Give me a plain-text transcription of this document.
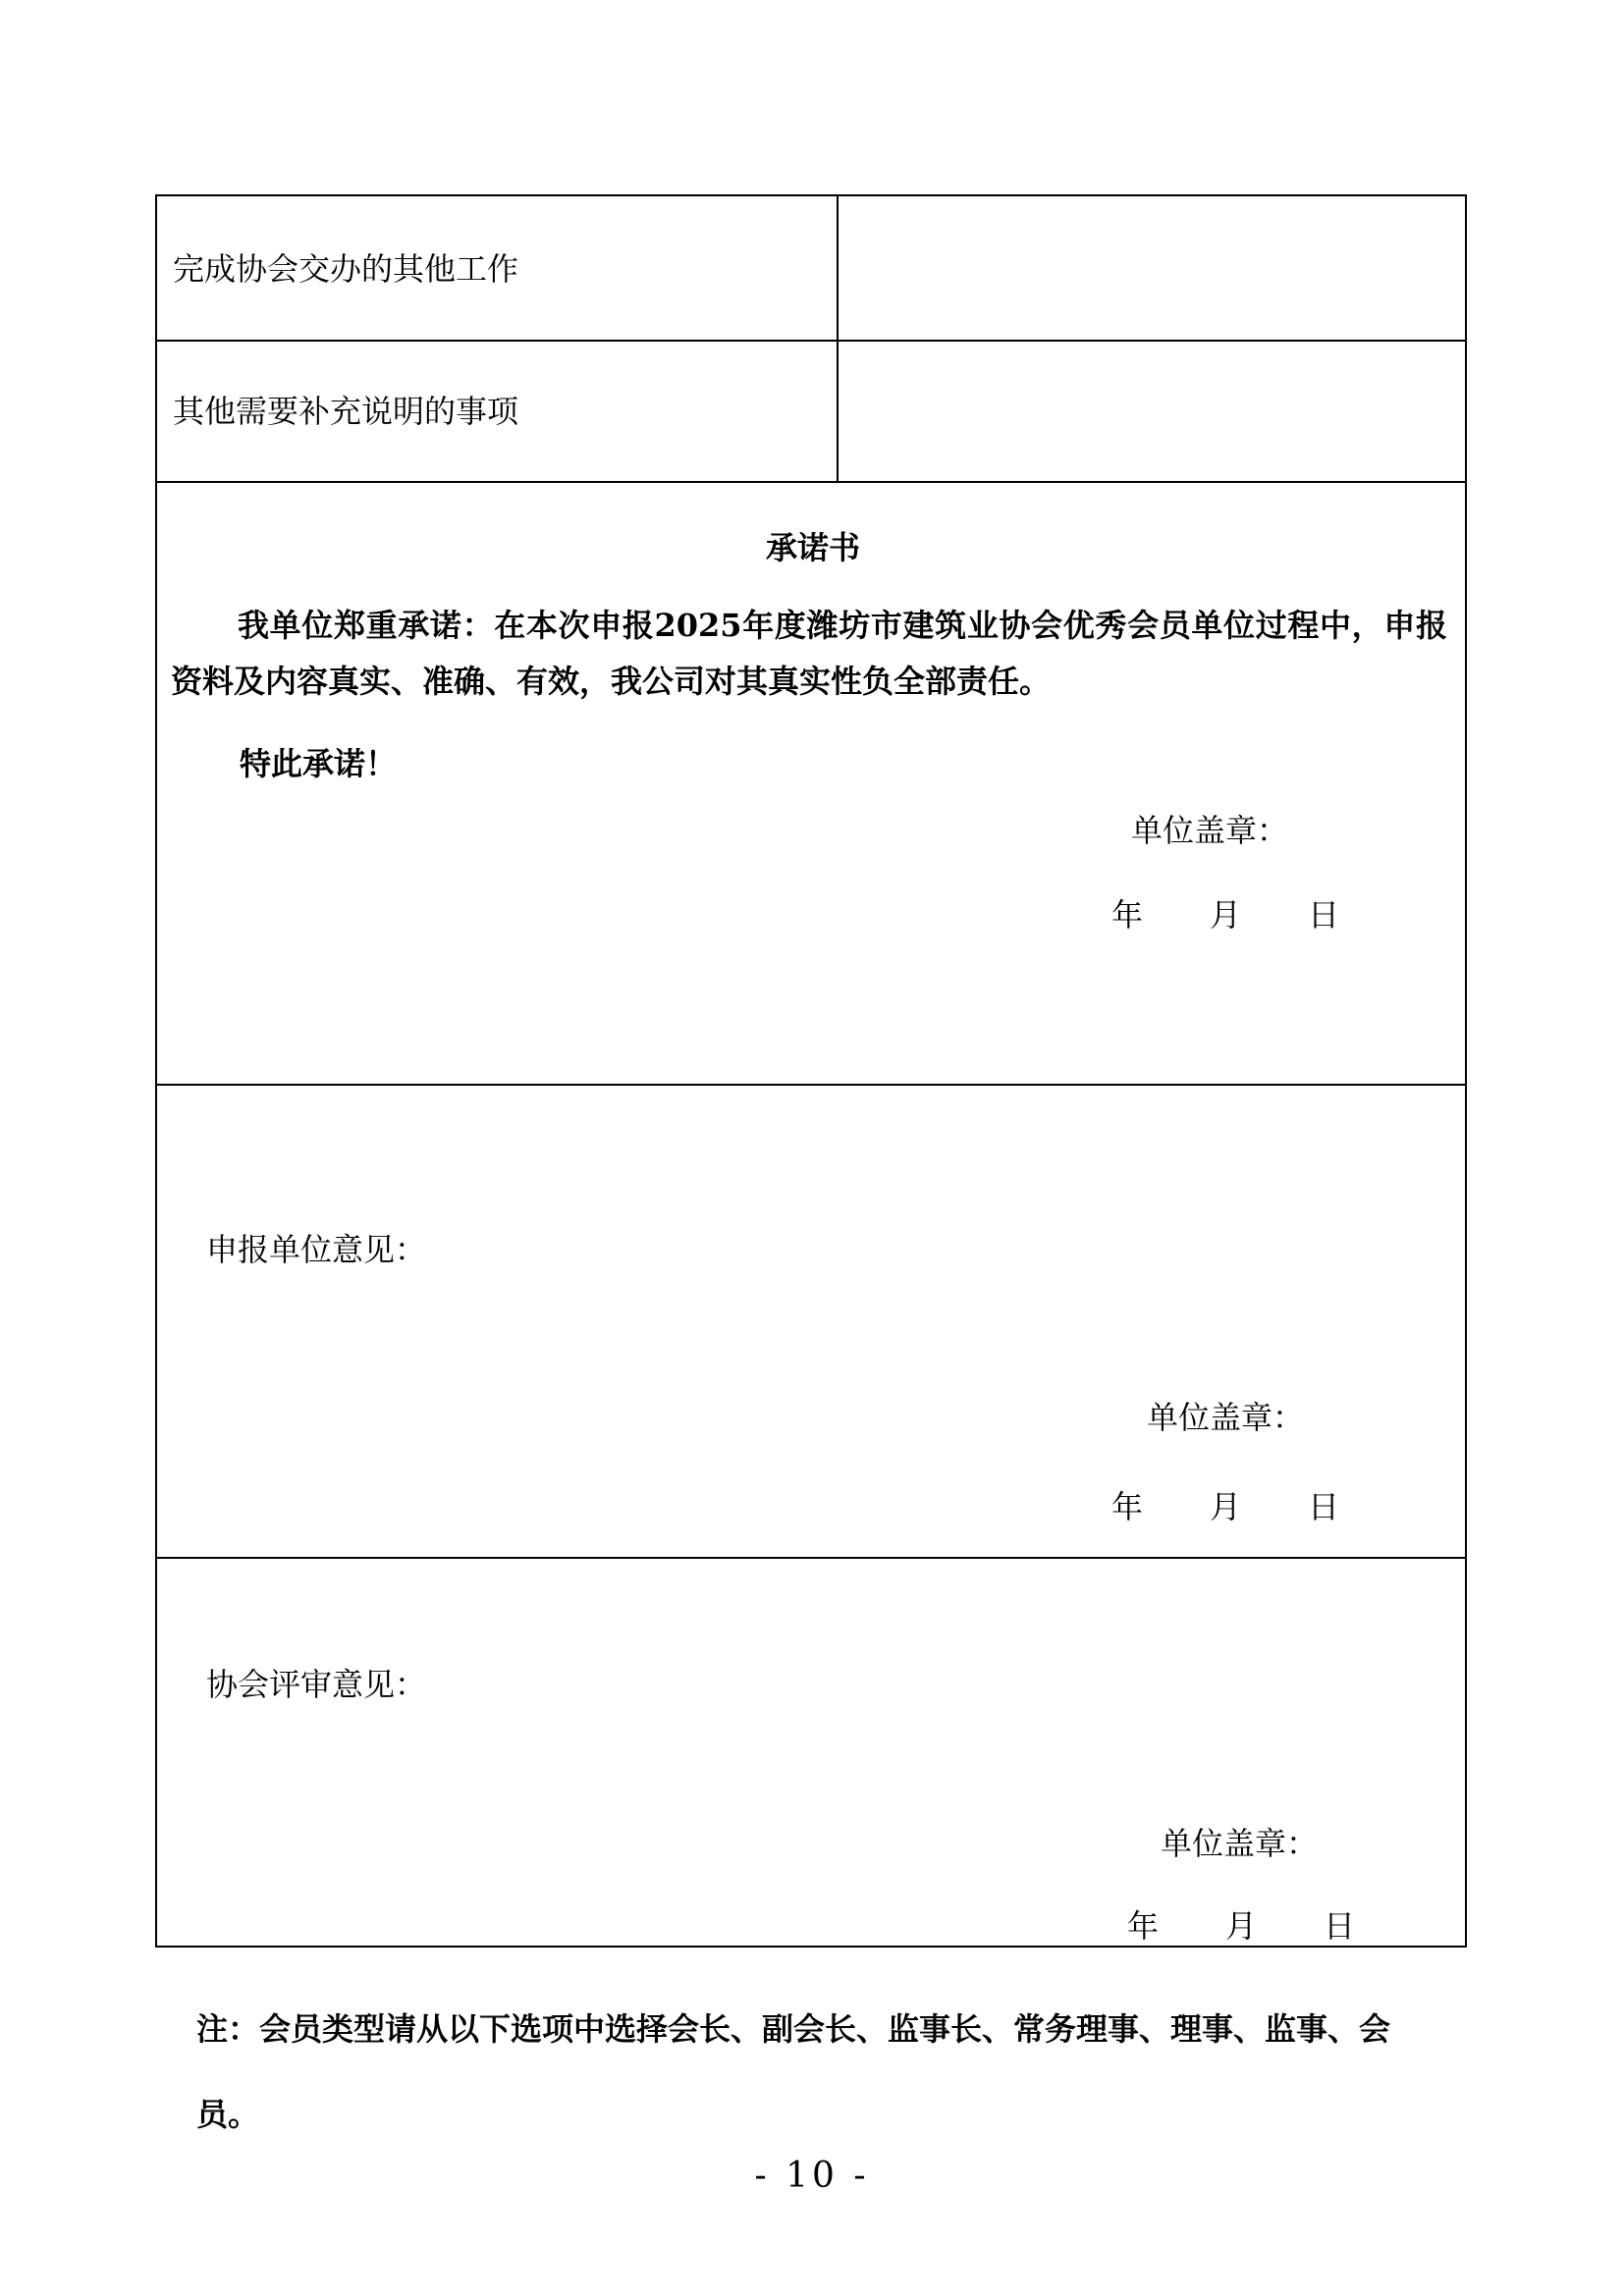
完成协会交办的其他工作
其他需要补充说明的事项
承诺书
我单位郑重承诺：在本次申报2025年度潍坊市建筑业协会优秀会员单位过程中，申报资料及内容真实、准确、有效，我公司对其真实性负全部责任。
特此承诺！
单位盖章：
年 月 日
申报单位意见：
单位盖章：
年 月 日
协会评审意见：
单位盖章：
年 月 日
注：会员类型请从以下选项中选择会长、副会长、监事长、常务理事、理事、监事、会员。
- 10 -
